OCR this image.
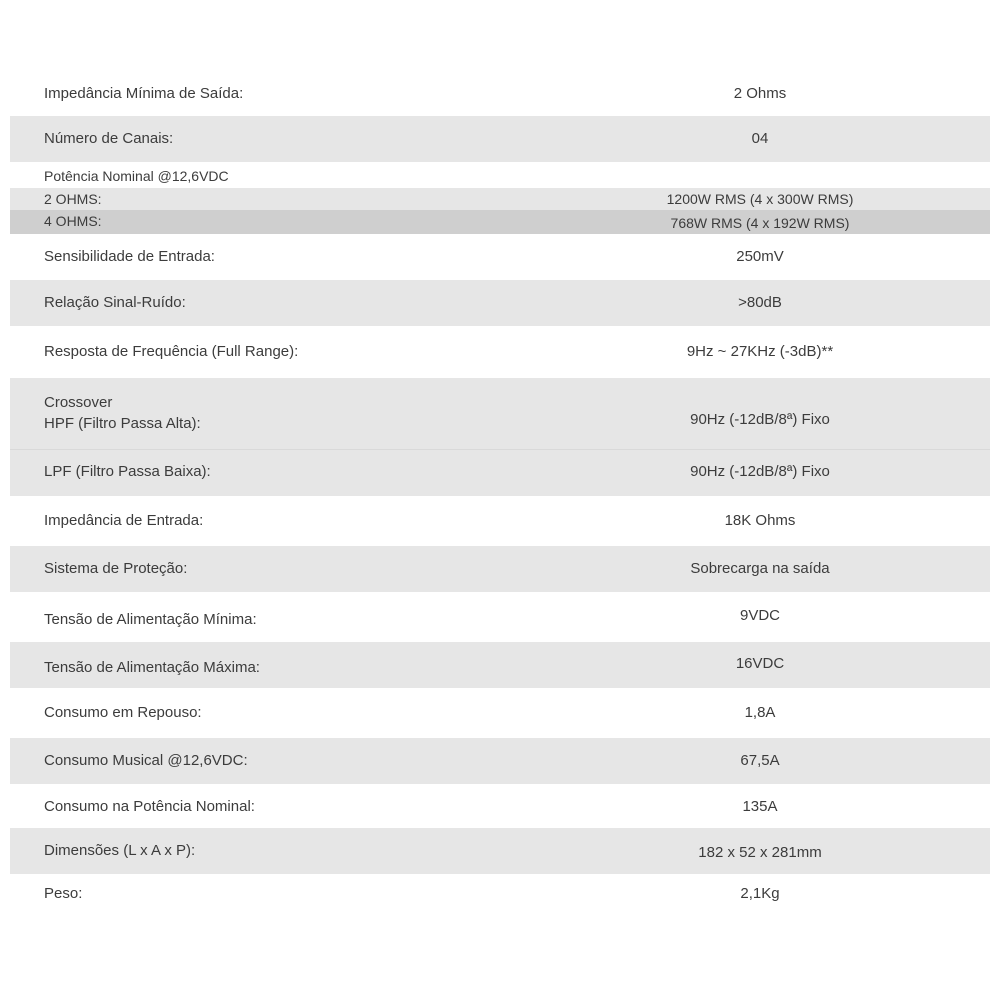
Impedância Mínima de Saída:	2 Ohms
Número de Canais:	04
Potência Nominal @12,6VDC
2 OHMS:	1200W RMS (4 x 300W RMS)
4 OHMS:	768W RMS (4 x 192W RMS)
Sensibilidade de Entrada:	250mV
Relação Sinal-Ruído:	>80dB
Resposta de Frequência (Full Range):	9Hz ~ 27KHz (-3dB)**
Crossover
HPF (Filtro Passa Alta):	90Hz (-12dB/8ª) Fixo
LPF (Filtro Passa Baixa):	90Hz (-12dB/8ª) Fixo
Impedância de Entrada:	18K Ohms
Sistema de Proteção:	Sobrecarga na saída
Tensão de Alimentação Mínima:	9VDC
Tensão de Alimentação Máxima:	16VDC
Consumo em Repouso:	1,8A
Consumo Musical @12,6VDC:	67,5A
Consumo na Potência Nominal:	135A
Dimensões (L x A x P):	182 x 52 x 281mm
Peso:	2,1Kg
